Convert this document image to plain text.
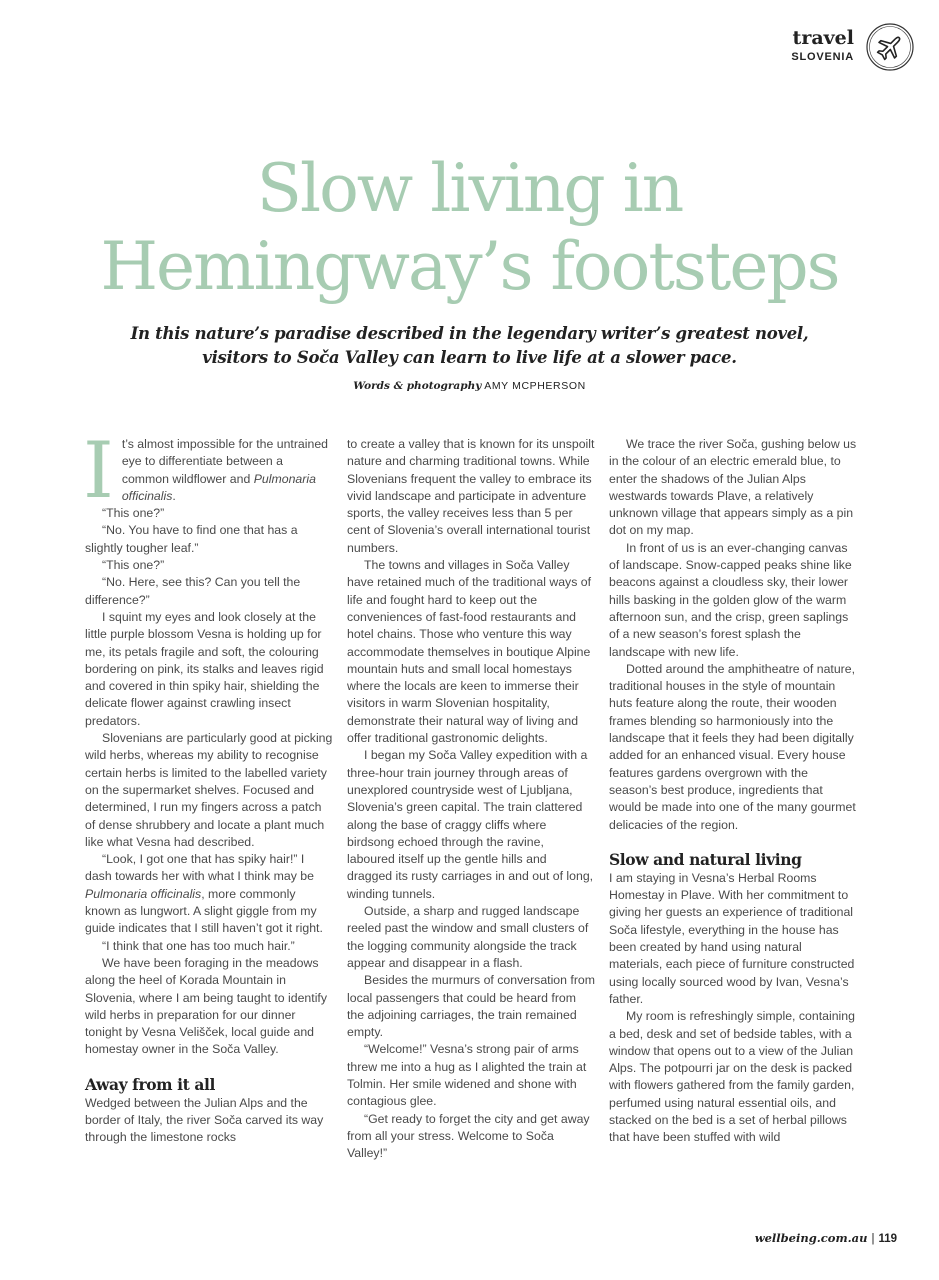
travel
SLOVENIA
Slow living in
Hemingway’s footsteps
In this nature’s paradise described in the legendary writer’s greatest novel,
visitors to Soča Valley can learn to live life at a slower pace.
Words & photography AMY MCPHERSON

It’s almost impossible for the untrained eye to differentiate between a common wildflower and Pulmonaria officinalis.

“This one?”

“No. You have to find one that has a slightly tougher leaf.”

“This one?”

“No. Here, see this? Can you tell the difference?”

I squint my eyes and look closely at the little purple blossom Vesna is holding up for me, its petals fragile and soft, the colouring bordering on pink, its stalks and leaves rigid and covered in thin spiky hair, shielding the delicate flower against crawling insect predators.

Slovenians are particularly good at picking wild herbs, whereas my ability to recognise certain herbs is limited to the labelled variety on the supermarket shelves. Focused and determined, I run my fingers across a patch of dense shrubbery and locate a plant much like what Vesna had described.

“Look, I got one that has spiky hair!” I dash towards her with what I think may be Pulmonaria officinalis, more commonly known as lungwort. A slight giggle from my guide indicates that I still haven’t got it right.

“I think that one has too much hair.”

We have been foraging in the meadows along the heel of Korada Mountain in Slovenia, where I am being taught to identify wild herbs in preparation for our dinner tonight by Vesna Velišček, local guide and homestay owner in the Soča Valley.

Away from it all

Wedged between the Julian Alps and the border of Italy, the river Soča carved its way through the limestone rocks

to create a valley that is known for its unspoilt nature and charming traditional towns. While Slovenians frequent the valley to embrace its vivid landscape and participate in adventure sports, the valley receives less than 5 per cent of Slovenia’s overall international tourist numbers.

The towns and villages in Soča Valley have retained much of the traditional ways of life and fought hard to keep out the conveniences of fast-food restaurants and hotel chains. Those who venture this way accommodate themselves in boutique Alpine mountain huts and small local homestays where the locals are keen to immerse their visitors in warm Slovenian hospitality, demonstrate their natural way of living and offer traditional gastronomic delights.

I began my Soča Valley expedition with a three-hour train journey through areas of unexplored countryside west of Ljubljana, Slovenia’s green capital. The train clattered along the base of craggy cliffs where birdsong echoed through the ravine, laboured itself up the gentle hills and dragged its rusty carriages in and out of long, winding tunnels.

Outside, a sharp and rugged landscape reeled past the window and small clusters of the logging community alongside the track appear and disappear in a flash.

Besides the murmurs of conversation from local passengers that could be heard from the adjoining carriages, the train remained empty.

“Welcome!” Vesna’s strong pair of arms threw me into a hug as I alighted the train at Tolmin. Her smile widened and shone with contagious glee.

“Get ready to forget the city and get away from all your stress. Welcome to Soča Valley!”

We trace the river Soča, gushing below us in the colour of an electric emerald blue, to enter the shadows of the Julian Alps westwards towards Plave, a relatively unknown village that appears simply as a pin dot on my map.

In front of us is an ever-changing canvas of landscape. Snow-capped peaks shine like beacons against a cloudless sky, their lower hills basking in the golden glow of the warm afternoon sun, and the crisp, green saplings of a new season’s forest splash the landscape with new life.

Dotted around the amphitheatre of nature, traditional houses in the style of mountain huts feature along the route, their wooden frames blending so harmoniously into the landscape that it feels they had been digitally added for an enhanced visual. Every house features gardens overgrown with the season’s best produce, ingredients that would be made into one of the many gourmet delicacies of the region.

Slow and natural living

I am staying in Vesna’s Herbal Rooms Homestay in Plave. With her commitment to giving her guests an experience of traditional Soča lifestyle, everything in the house has been created by hand using natural materials, each piece of furniture constructed using locally sourced wood by Ivan, Vesna’s father.

My room is refreshingly simple, containing a bed, desk and set of bedside tables, with a window that opens out to a view of the Julian Alps. The potpourri jar on the desk is packed with flowers gathered from the family garden, perfumed using natural essential oils, and stacked on the bed is a set of herbal pillows that have been stuffed with wild

wellbeing.com.au | 119
